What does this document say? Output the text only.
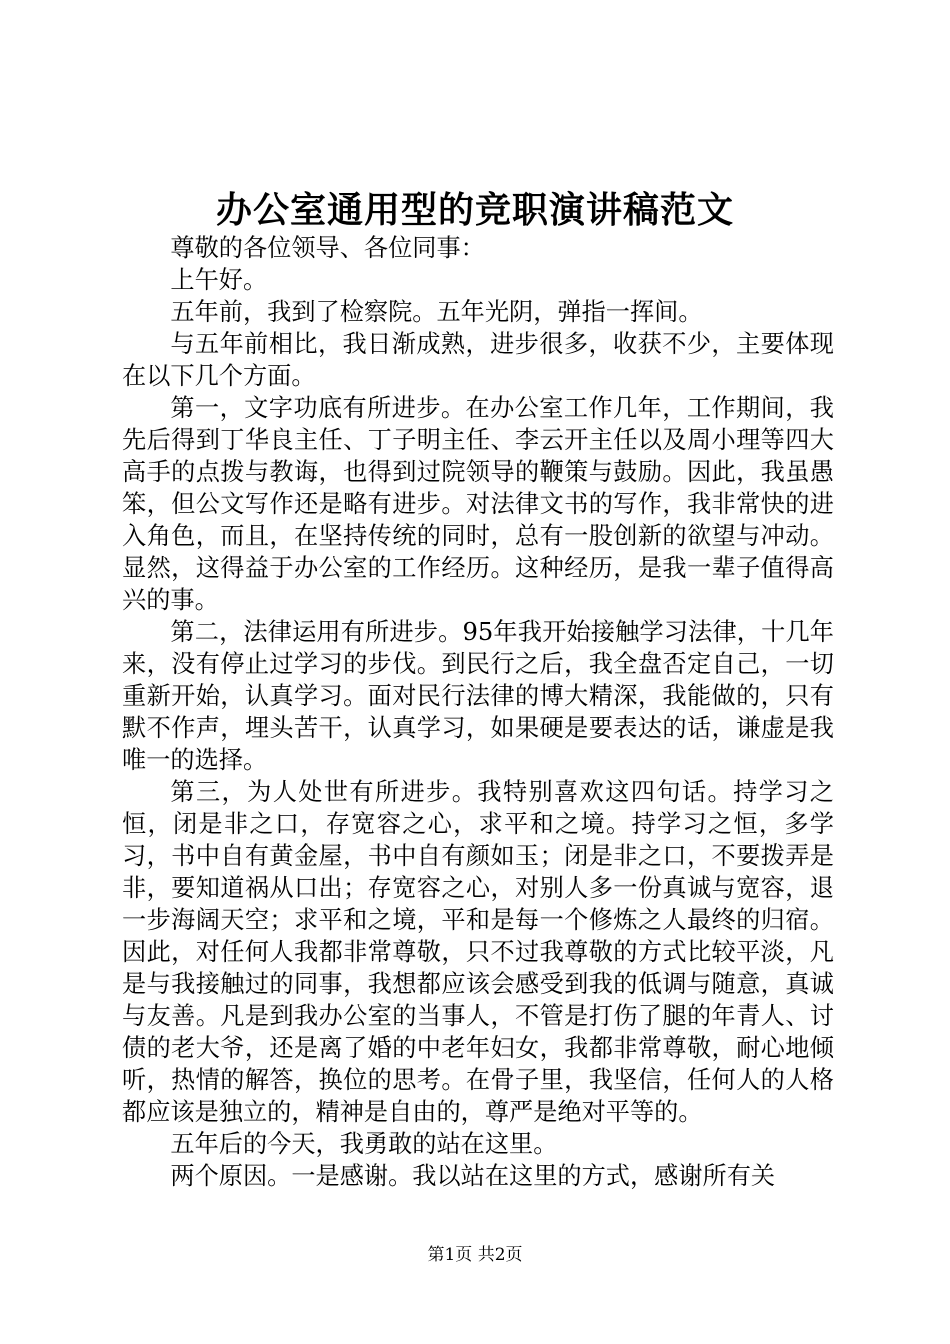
办公室通用型的竞职演讲稿范文

尊敬的各位领导、各位同事：

上午好。

五年前，我到了检察院。五年光阴，弹指一挥间。

与五年前相比，我日渐成熟，进步很多，收获不少，主要体现在以下几个方面。

第一，文字功底有所进步。在办公室工作几年，工作期间，我先后得到丁华良主任、丁子明主任、李云开主任以及周小理等四大高手的点拨与教诲，也得到过院领导的鞭策与鼓励。因此，我虽愚笨，但公文写作还是略有进步。对法律文书的写作，我非常快的进入角色，而且，在坚持传统的同时，总有一股创新的欲望与冲动。显然，这得益于办公室的工作经历。这种经历，是我一辈子值得高兴的事。

第二，法律运用有所进步。95年我开始接触学习法律，十几年来，没有停止过学习的步伐。到民行之后，我全盘否定自己，一切重新开始，认真学习。面对民行法律的博大精深，我能做的，只有默不作声，埋头苦干，认真学习，如果硬是要表达的话，谦虚是我唯一的选择。

第三，为人处世有所进步。我特别喜欢这四句话。持学习之恒，闭是非之口，存宽容之心，求平和之境。持学习之恒，多学习，书中自有黄金屋，书中自有颜如玉；闭是非之口，不要拨弄是非，要知道祸从口出；存宽容之心，对别人多一份真诚与宽容，退一步海阔天空；求平和之境，平和是每一个修炼之人最终的归宿。因此，对任何人我都非常尊敬，只不过我尊敬的方式比较平淡，凡是与我接触过的同事，我想都应该会感受到我的低调与随意，真诚与友善。凡是到我办公室的当事人，不管是打伤了腿的年青人、讨债的老大爷，还是离了婚的中老年妇女，我都非常尊敬，耐心地倾听，热情的解答，换位的思考。在骨子里，我坚信，任何人的人格都应该是独立的，精神是自由的，尊严是绝对平等的。

五年后的今天，我勇敢的站在这里。

两个原因。一是感谢。我以站在这里的方式，感谢所有关

第1页 共2页
